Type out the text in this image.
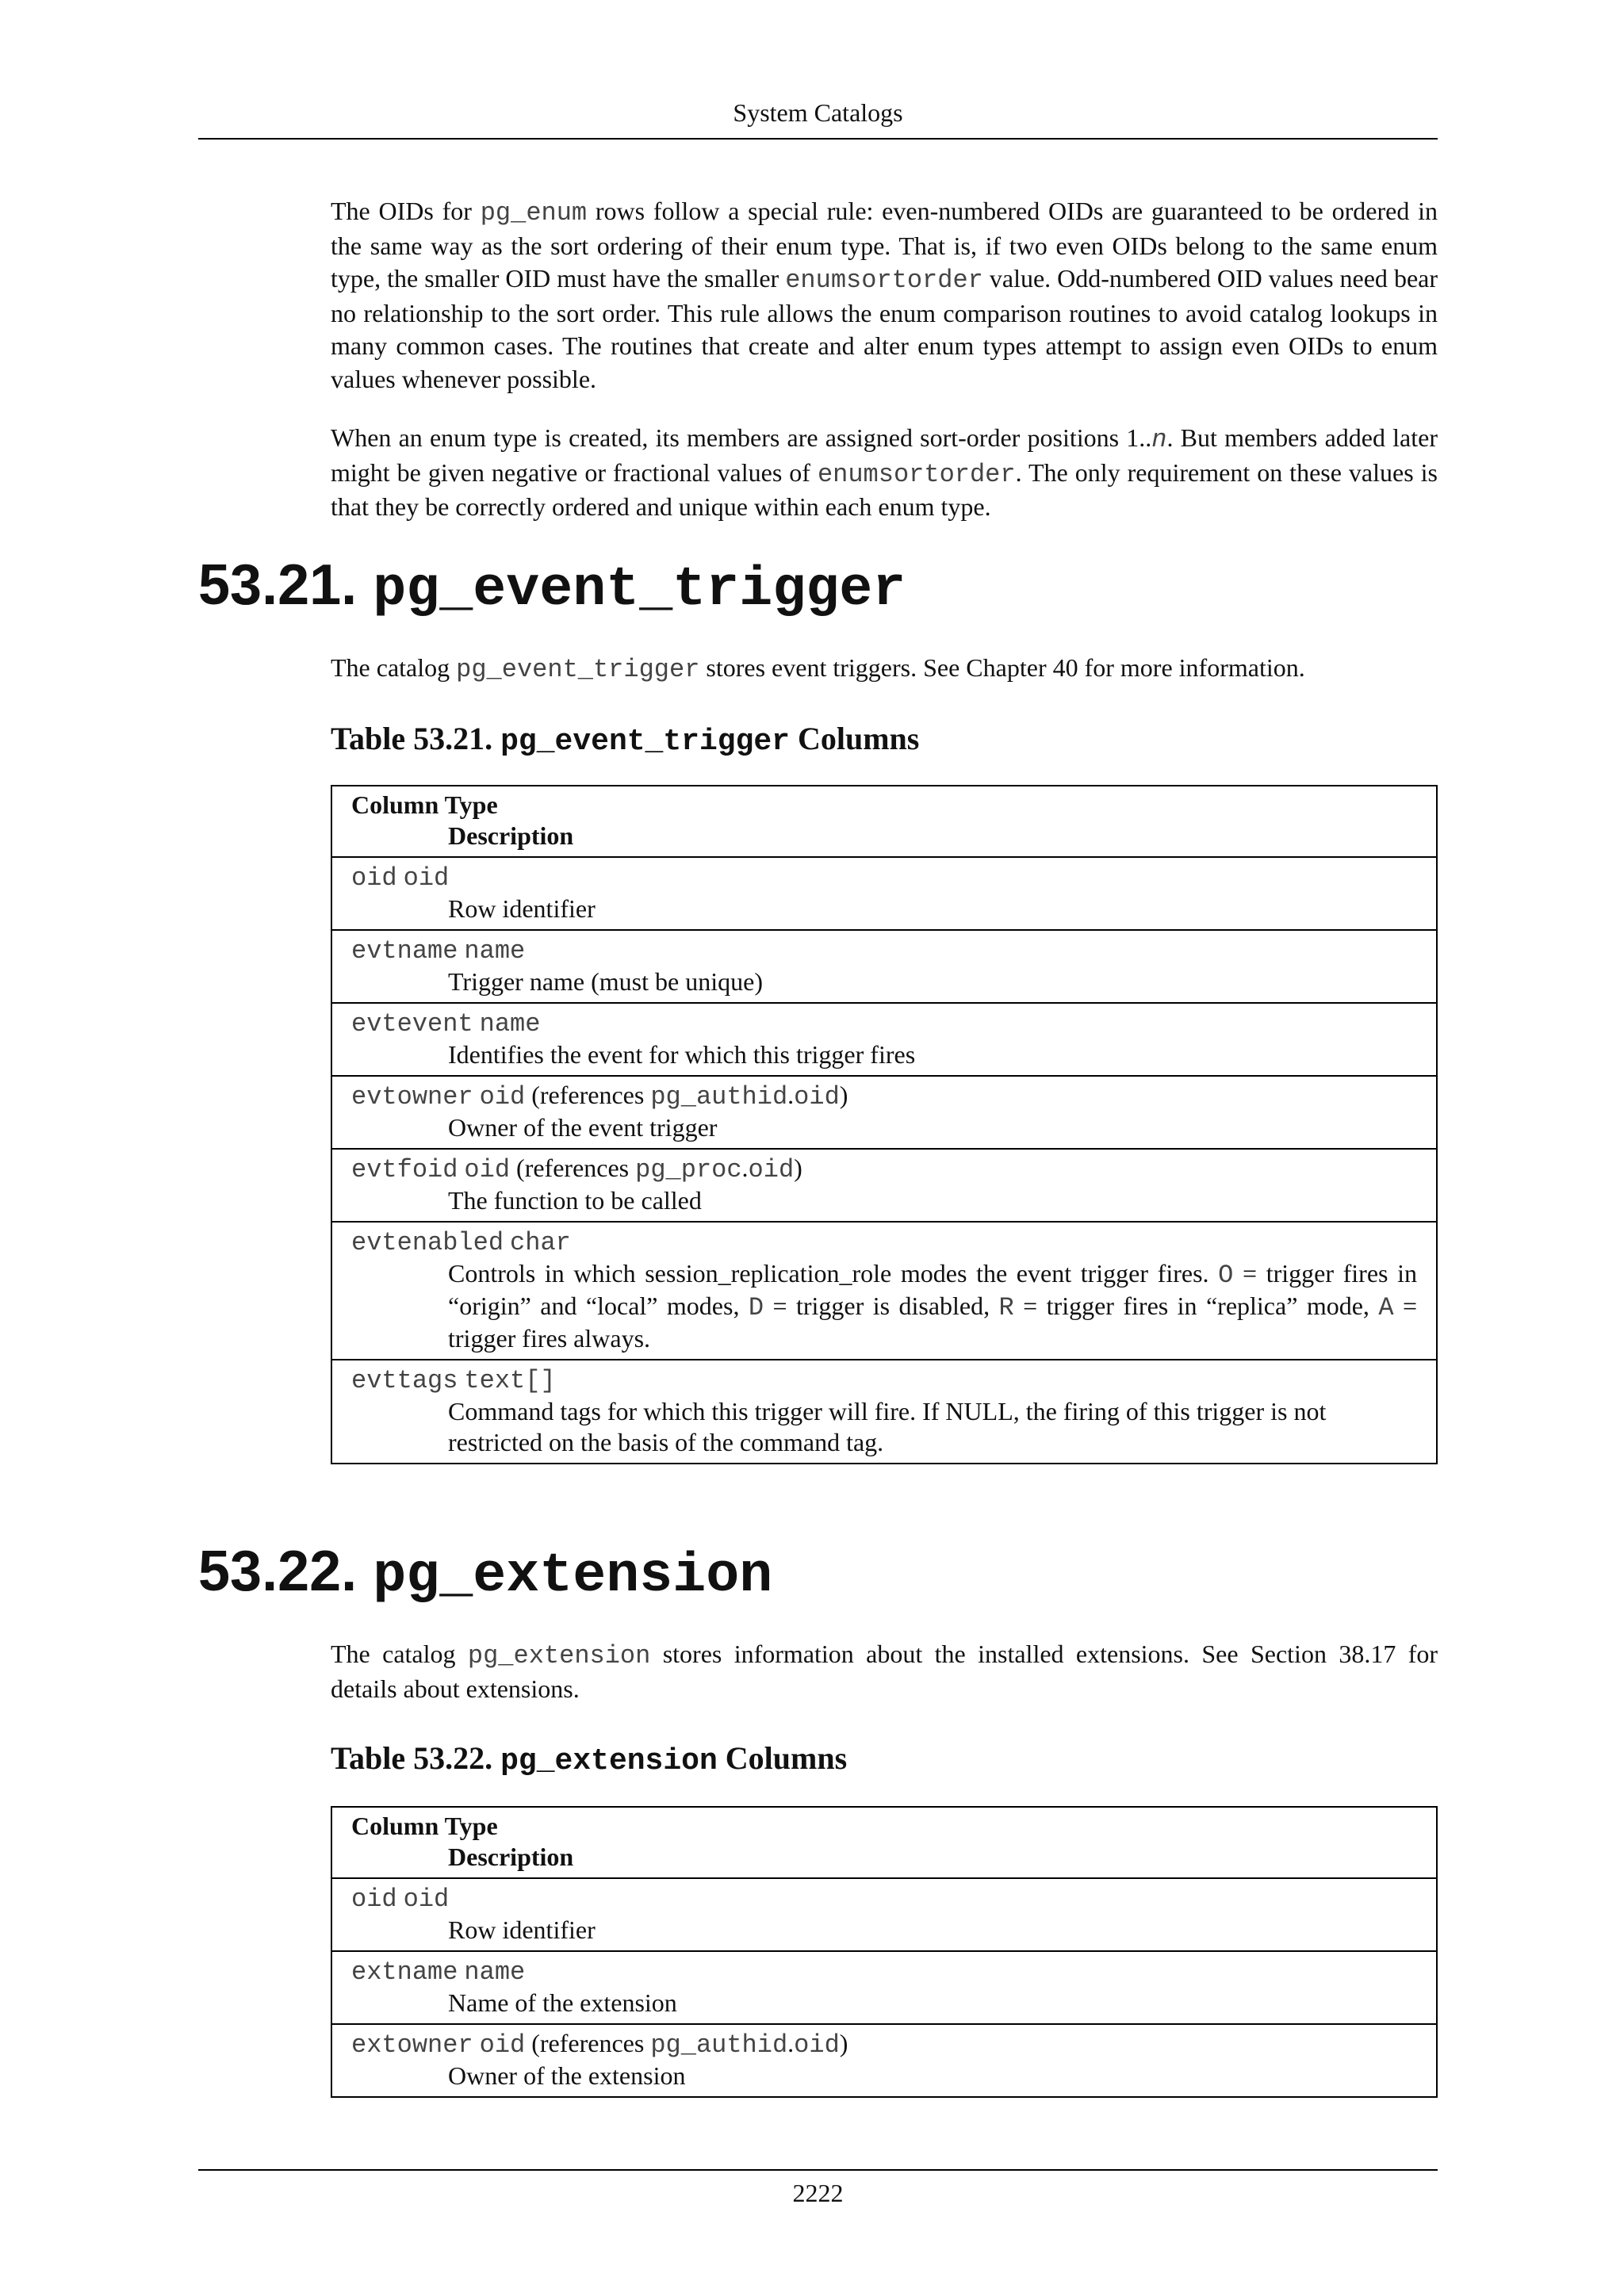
System Catalogs

The OIDs for pg_enum rows follow a special rule: even-numbered OIDs are guaranteed to be ordered in the same way as the sort ordering of their enum type. That is, if two even OIDs belong to the same enum type, the smaller OID must have the smaller enumsortorder value. Odd-numbered OID values need bear no relationship to the sort order. This rule allows the enum comparison routines to avoid catalog lookups in many common cases. The routines that create and alter enum types attempt to assign even OIDs to enum values whenever possible.

When an enum type is created, its members are assigned sort-order positions 1..n. But members added later might be given negative or fractional values of enumsortorder. The only requirement on these values is that they be correctly ordered and unique within each enum type.

53.21. pg_event_trigger

The catalog pg_event_trigger stores event triggers. See Chapter 40 for more information.

Table 53.21. pg_event_trigger Columns
Column Type
Description

oid oid
Row identifier

evtname name
Trigger name (must be unique)

evtevent name
Identifies the event for which this trigger fires

evtowner oid (references pg_authid.oid)
Owner of the event trigger

evtfoid oid (references pg_proc.oid)
The function to be called

evtenabled char
Controls in which session_replication_role modes the event trigger fires. O = trigger fires in “origin” and “local” modes, D = trigger is disabled, R = trigger fires in “replica” mode, A = trigger fires always.

evttags text[]
Command tags for which this trigger will fire. If NULL, the firing of this trigger is not restricted on the basis of the command tag.
53.22. pg_extension

The catalog pg_extension stores information about the installed extensions. See Section 38.17 for details about extensions.

Table 53.22. pg_extension Columns
Column Type
Description

oid oid
Row identifier

extname name
Name of the extension

extowner oid (references pg_authid.oid)
Owner of the extension
2222
